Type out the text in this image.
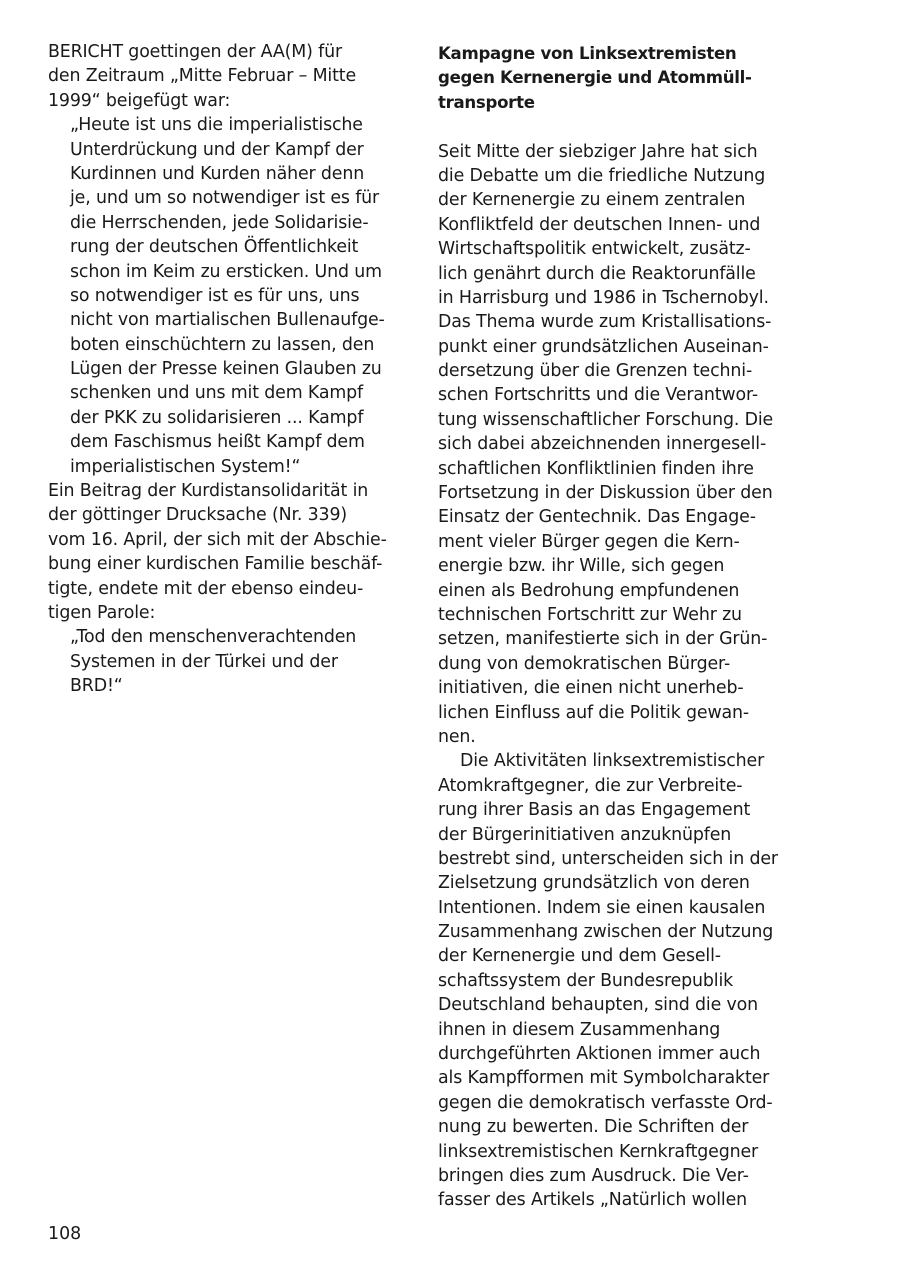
BERICHT goettingen der AA(M) für
den Zeitraum „Mitte Februar – Mitte
1999“ beigefügt war:
„Heute ist uns die imperialistische
Unterdrückung und der Kampf der
Kurdinnen und Kurden näher denn
je, und um so notwendiger ist es für
die Herrschenden, jede Solidarisie-
rung der deutschen Öffentlichkeit
schon im Keim zu ersticken. Und um
so notwendiger ist es für uns, uns
nicht von martialischen Bullenaufge-
boten einschüchtern zu lassen, den
Lügen der Presse keinen Glauben zu
schenken und uns mit dem Kampf
der PKK zu solidarisieren ... Kampf
dem Faschismus heißt Kampf dem
imperialistischen System!“
Ein Beitrag der Kurdistansolidarität in
der göttinger Drucksache (Nr. 339)
vom 16. April, der sich mit der Abschie-
bung einer kurdischen Familie beschäf-
tigte, endete mit der ebenso eindeu-
tigen Parole:
„Tod den menschenverachtenden
Systemen in der Türkei und der
BRD!“
Kampagne von Linksextremisten
gegen Kernenergie und Atommüll-
transporte
Seit Mitte der siebziger Jahre hat sich
die Debatte um die friedliche Nutzung
der Kernenergie zu einem zentralen
Konfliktfeld der deutschen Innen- und
Wirtschaftspolitik entwickelt, zusätz-
lich genährt durch die Reaktorunfälle
in Harrisburg und 1986 in Tschernobyl.
Das Thema wurde zum Kristallisations-
punkt einer grundsätzlichen Auseinan-
dersetzung über die Grenzen techni-
schen Fortschritts und die Verantwor-
tung wissenschaftlicher Forschung. Die
sich dabei abzeichnenden innergesell-
schaftlichen Konfliktlinien finden ihre
Fortsetzung in der Diskussion über den
Einsatz der Gentechnik. Das Engage-
ment vieler Bürger gegen die Kern-
energie bzw. ihr Wille, sich gegen
einen als Bedrohung empfundenen
technischen Fortschritt zur Wehr zu
setzen, manifestierte sich in der Grün-
dung von demokratischen Bürger-
initiativen, die einen nicht unerheb-
lichen Einfluss auf die Politik gewan-
nen.
Die Aktivitäten linksextremistischer
Atomkraftgegner, die zur Verbreite-
rung ihrer Basis an das Engagement
der Bürgerinitiativen anzuknüpfen
bestrebt sind, unterscheiden sich in der
Zielsetzung grundsätzlich von deren
Intentionen. Indem sie einen kausalen
Zusammenhang zwischen der Nutzung
der Kernenergie und dem Gesell-
schaftssystem der Bundesrepublik
Deutschland behaupten, sind die von
ihnen in diesem Zusammenhang
durchgeführten Aktionen immer auch
als Kampfformen mit Symbolcharakter
gegen die demokratisch verfasste Ord-
nung zu bewerten. Die Schriften der
linksextremistischen Kernkraftgegner
bringen dies zum Ausdruck. Die Ver-
fasser des Artikels „Natürlich wollen
108
